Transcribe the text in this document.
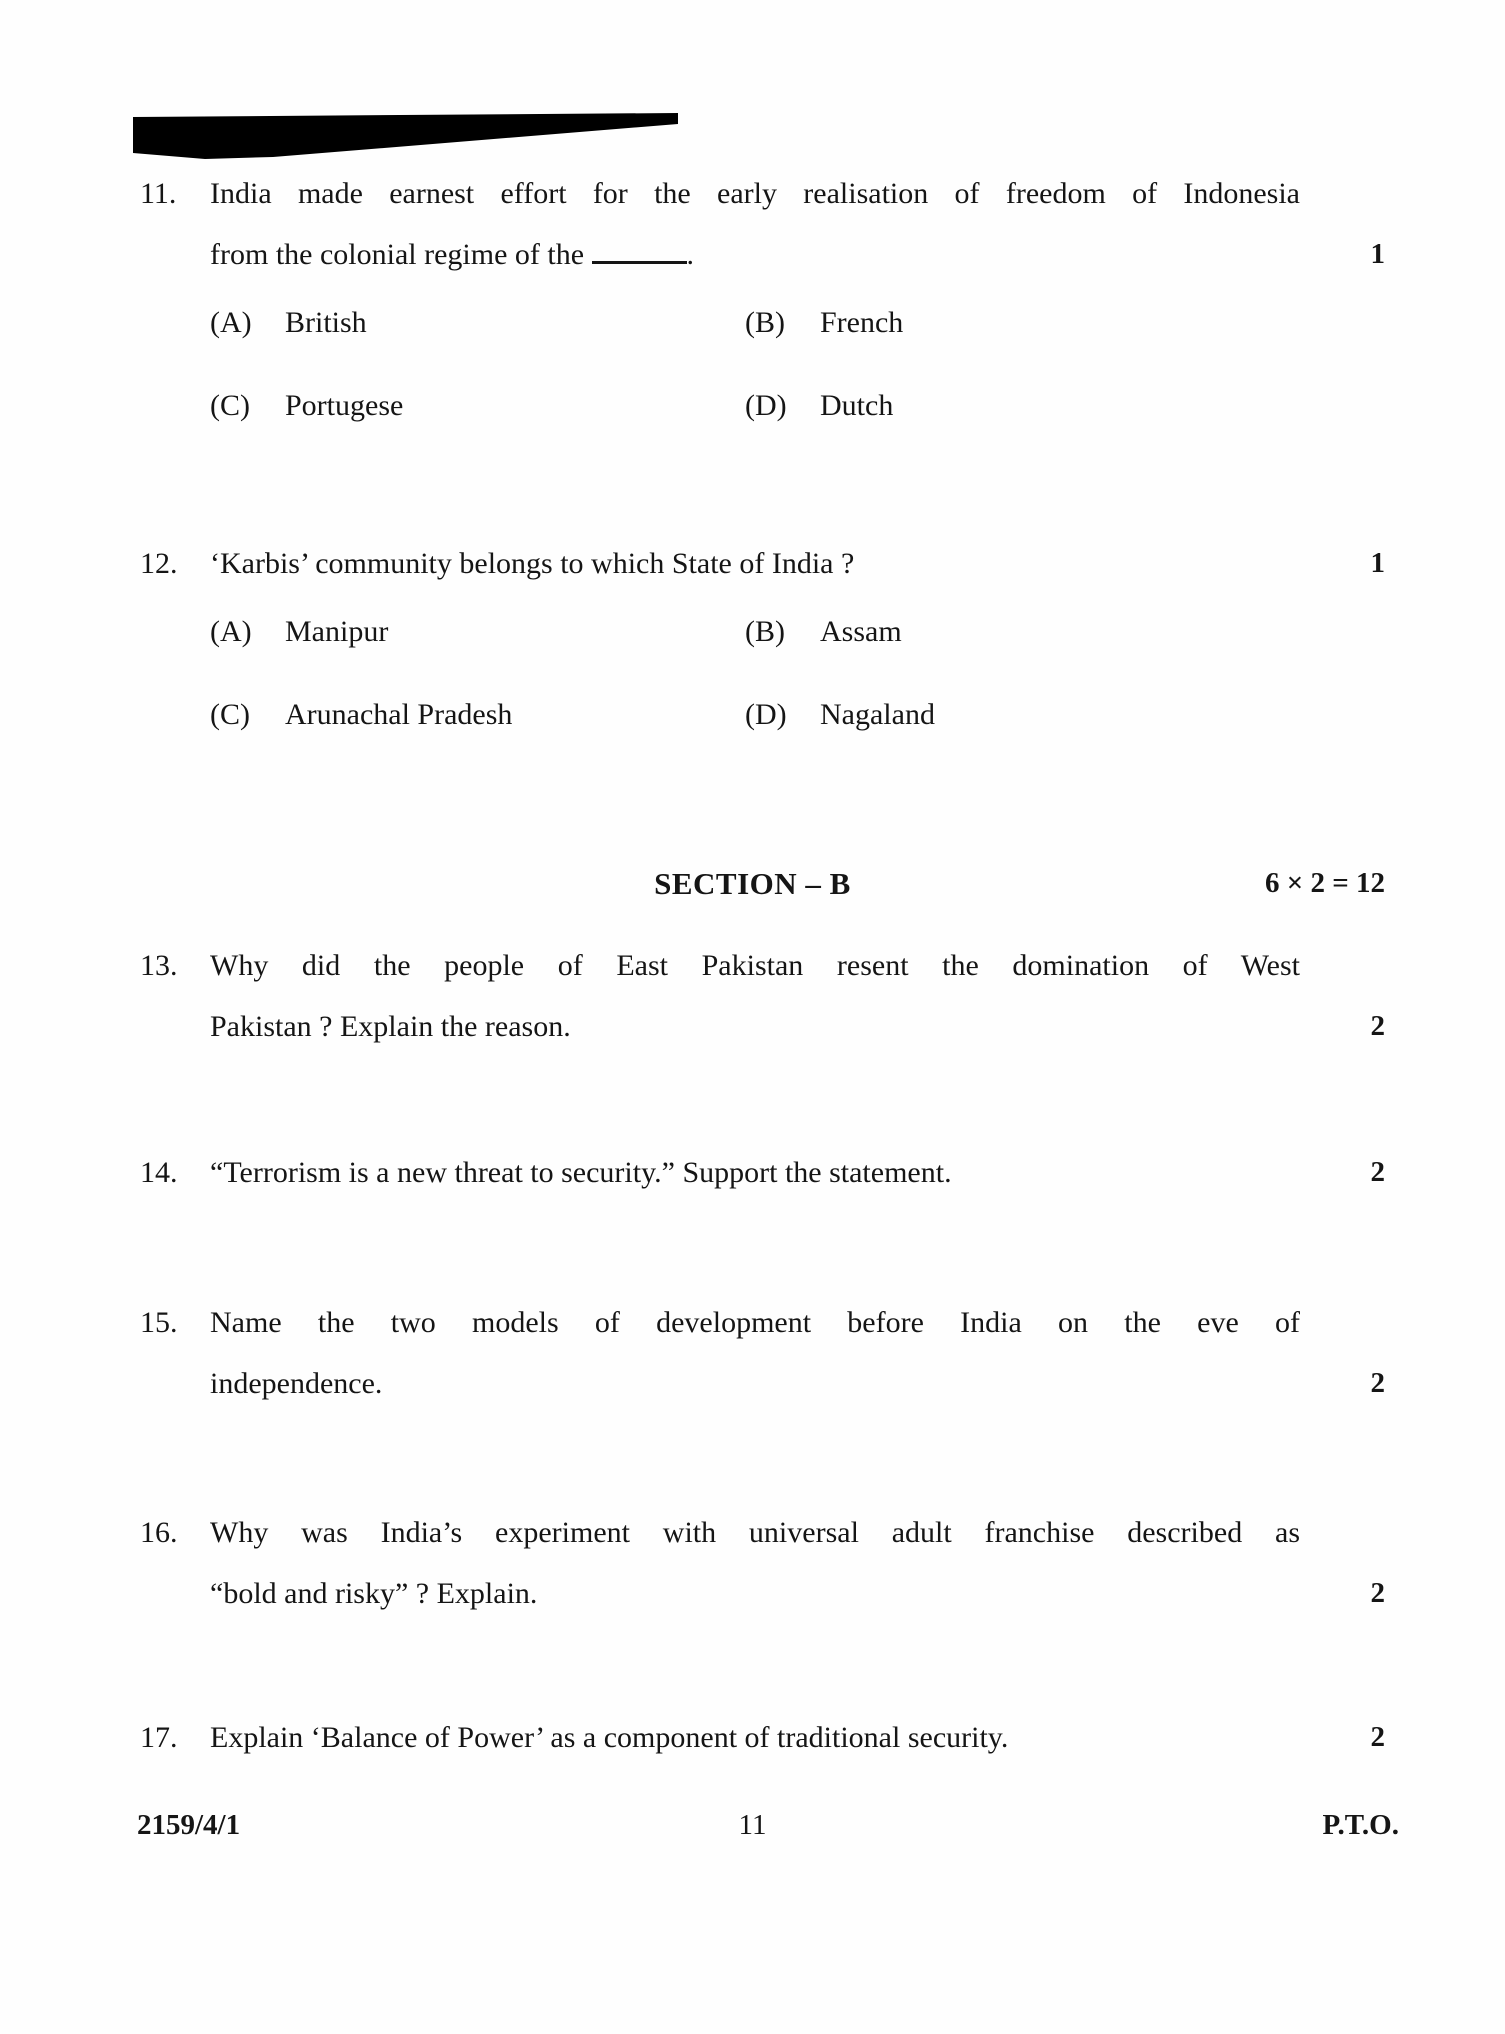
11. India made earnest effort for the early realisation of freedom of Indonesia
from the colonial regime of the	.	1
(A)	British	(B)	French
(C)	Portugese	(D)	Dutch
12. ‘Karbis’ community belongs to which State of India ?	1
(A)	Manipur	(B)	Assam
(C)	Arunachal Pradesh	(D)	Nagaland
13. Why did the people of East Pakistan resent the domination of West
Pakistan ? Explain the reason.	2
14. “Terrorism is a new threat to security.” Support the statement.	2
15. Name the two models of development before India on the eve of
independence.	2
16. Why was India’s experiment with universal adult franchise described as
“bold and risky” ? Explain.	2
17. Explain ‘Balance of Power’ as a component of traditional security.	2
SECTION – B	6 × 2 = 12
2159/4/1	11	P.T.O.
